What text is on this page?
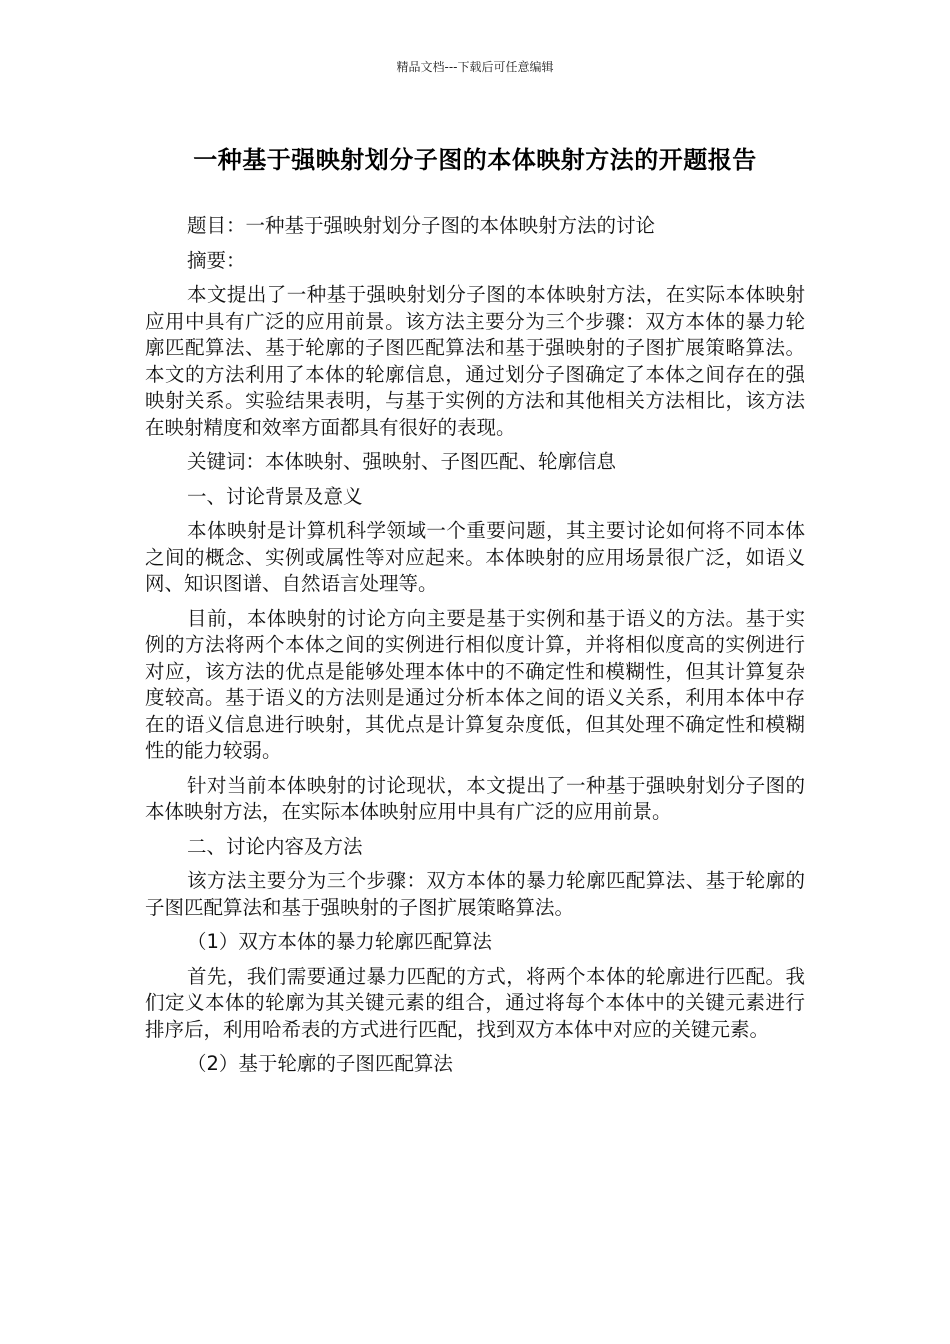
精品文档---下载后可任意编辑
一种基于强映射划分子图的本体映射方法的开题报告

题目：一种基于强映射划分子图的本体映射方法的讨论

摘要：

本文提出了一种基于强映射划分子图的本体映射方法，在实际本体映射应用中具有广泛的应用前景。该方法主要分为三个步骤：双方本体的暴力轮廓匹配算法、基于轮廓的子图匹配算法和基于强映射的子图扩展策略算法。本文的方法利用了本体的轮廓信息，通过划分子图确定了本体之间存在的强映射关系。实验结果表明，与基于实例的方法和其他相关方法相比，该方法在映射精度和效率方面都具有很好的表现。

关键词：本体映射、强映射、子图匹配、轮廓信息

一、讨论背景及意义

本体映射是计算机科学领域一个重要问题，其主要讨论如何将不同本体之间的概念、实例或属性等对应起来。本体映射的应用场景很广泛，如语义网、知识图谱、自然语言处理等。

目前，本体映射的讨论方向主要是基于实例和基于语义的方法。基于实例的方法将两个本体之间的实例进行相似度计算，并将相似度高的实例进行对应，该方法的优点是能够处理本体中的不确定性和模糊性，但其计算复杂度较高。基于语义的方法则是通过分析本体之间的语义关系，利用本体中存在的语义信息进行映射，其优点是计算复杂度低，但其处理不确定性和模糊性的能力较弱。

针对当前本体映射的讨论现状，本文提出了一种基于强映射划分子图的本体映射方法，在实际本体映射应用中具有广泛的应用前景。

二、讨论内容及方法

该方法主要分为三个步骤：双方本体的暴力轮廓匹配算法、基于轮廓的子图匹配算法和基于强映射的子图扩展策略算法。

（1）双方本体的暴力轮廓匹配算法

首先，我们需要通过暴力匹配的方式，将两个本体的轮廓进行匹配。我们定义本体的轮廓为其关键元素的组合，通过将每个本体中的关键元素进行排序后，利用哈希表的方式进行匹配，找到双方本体中对应的关键元素。

（2）基于轮廓的子图匹配算法
